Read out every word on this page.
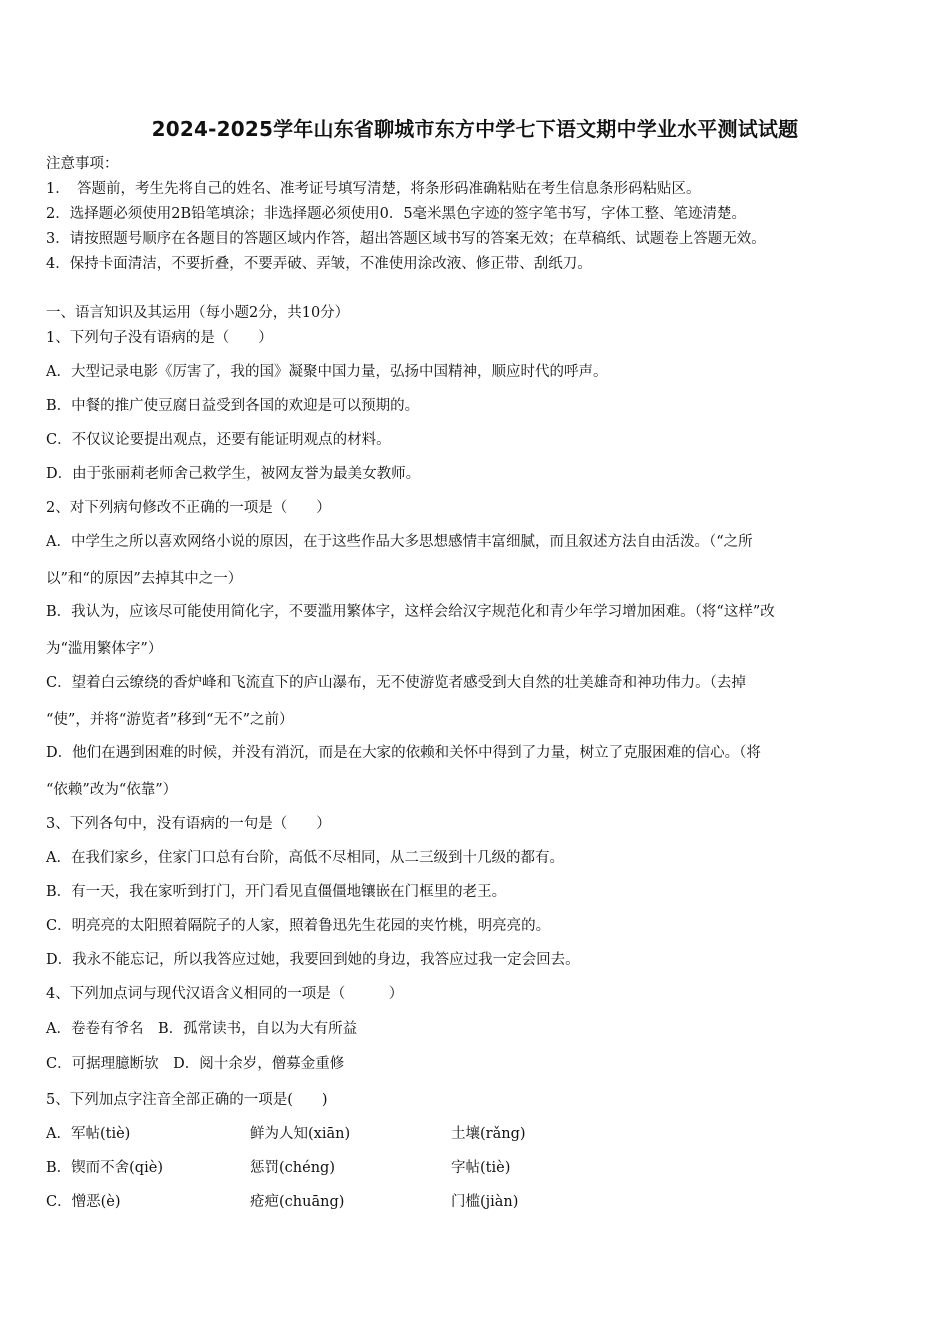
2024-2025学年山东省聊城市东方中学七下语文期中学业水平测试试题
注意事项：
1．　答题前，考生先将自己的姓名、准考证号填写清楚，将条形码准确粘贴在考生信息条形码粘贴区。
2．选择题必须使用2B铅笔填涂；非选择题必须使用0．5毫米黑色字迹的签字笔书写，字体工整、笔迹清楚。
3．请按照题号顺序在各题目的答题区域内作答，超出答题区域书写的答案无效；在草稿纸、试题卷上答题无效。
4．保持卡面清洁，不要折叠，不要弄破、弄皱，不准使用涂改液、修正带、刮纸刀。
一、语言知识及其运用（每小题2分，共10分）
1、下列句子没有语病的是（　　）
A．大型记录电影《厉害了，我的国》凝聚中国力量，弘扬中国精神，顺应时代的呼声。
B．中餐的推广使豆腐日益受到各国的欢迎是可以预期的。
C．不仅议论要提出观点，还要有能证明观点的材料。
D．由于张丽莉老师舍己救学生，被网友誉为最美女教师。
2、对下列病句修改不正确的一项是（　　）
A．中学生之所以喜欢网络小说的原因，在于这些作品大多思想感情丰富细腻，而且叙述方法自由活泼。（“之所
以”和“的原因”去掉其中之一）
B．我认为，应该尽可能使用简化字，不要滥用繁体字，这样会给汉字规范化和青少年学习增加困难。（将“这样”改
为“滥用繁体字”）
C．望着白云缭绕的香炉峰和飞流直下的庐山瀑布，无不使游览者感受到大自然的壮美雄奇和神功伟力。（去掉
“使”，并将“游览者”移到“无不”之前）
D．他们在遇到困难的时候，并没有消沉，而是在大家的依赖和关怀中得到了力量，树立了克服困难的信心。（将
“依赖”改为“依靠”）
3、下列各句中，没有语病的一句是（　　）
A．在我们家乡，住家门口总有台阶，高低不尽相同，从二三级到十几级的都有。
B．有一天，我在家听到打门，开门看见直僵僵地镶嵌在门框里的老王。
C．明亮亮的太阳照着隔院子的人家，照着鲁迅先生花园的夹竹桃，明亮亮的。
D．我永不能忘记，所以我答应过她，我要回到她的身边，我答应过我一定会回去。
4、下列加点词与现代汉语含义相同的一项是（　　　）
A．卷卷有爷名　B．孤常读书，自以为大有所益
C．可据理臆断欤　D．阅十余岁，僧募金重修
5、下列加点字注音全部正确的一项是(　　)
A．军帖(tiè)	鲜为人知(xiān)	土壤(rǎng)
B．锲而不舍(qiè)	惩罚(chéng)	字帖(tiè)
C．憎恶(è)	疮疤(chuāng)	门槛(jiàn)
